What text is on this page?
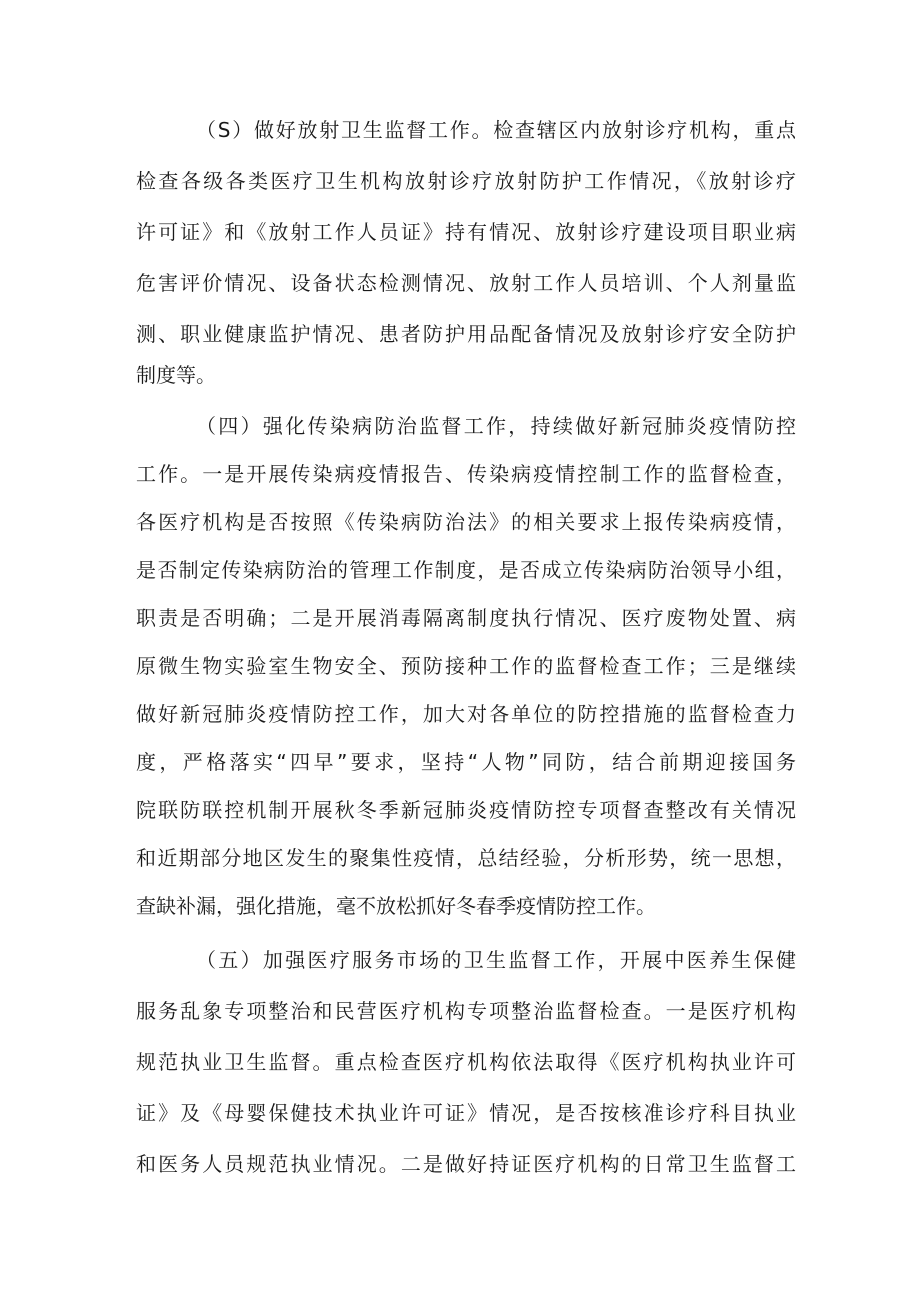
（S）做好放射卫生监督工作。检查辖区内放射诊疗机构，重点
检查各级各类医疗卫生机构放射诊疗放射防护工作情况，《放射诊疗
许可证》和《放射工作人员证》持有情况、放射诊疗建设项目职业病
危害评价情况、设备状态检测情况、放射工作人员培训、个人剂量监
测、职业健康监护情况、患者防护用品配备情况及放射诊疗安全防护
制度等。
（四）强化传染病防治监督工作，持续做好新冠肺炎疫情防控
工作。一是开展传染病疫情报告、传染病疫情控制工作的监督检查，
各医疗机构是否按照《传染病防治法》的相关要求上报传染病疫情，
是否制定传染病防治的管理工作制度，是否成立传染病防治领导小组，
职责是否明确；二是开展消毒隔离制度执行情况、医疗废物处置、病
原微生物实验室生物安全、预防接种工作的监督检查工作；三是继续
做好新冠肺炎疫情防控工作，加大对各单位的防控措施的监督检查力
度，严格落实“四早”要求，坚持“人物”同防，结合前期迎接国务
院联防联控机制开展秋冬季新冠肺炎疫情防控专项督查整改有关情况
和近期部分地区发生的聚集性疫情，总结经验，分析形势，统一思想，
查缺补漏，强化措施，毫不放松抓好冬春季疫情防控工作。
（五）加强医疗服务市场的卫生监督工作，开展中医养生保健
服务乱象专项整治和民营医疗机构专项整治监督检查。一是医疗机构
规范执业卫生监督。重点检查医疗机构依法取得《医疗机构执业许可
证》及《母婴保健技术执业许可证》情况，是否按核准诊疗科目执业
和医务人员规范执业情况。二是做好持证医疗机构的日常卫生监督工
